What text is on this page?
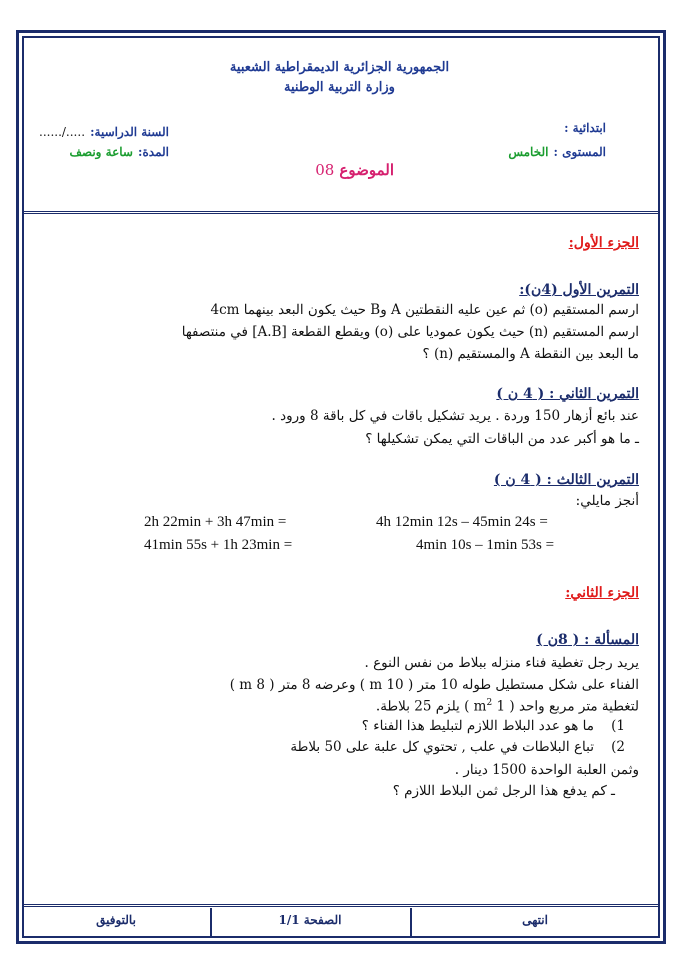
الجمهورية الجزائرية الديمقراطية الشعبية
وزارة التربية الوطنية
ابتدائية :
المستوى : الخامس
السنة الدراسية: ...../......
المدة: ساعة ونصف
الموضوع 08
الجزء الأول:
التمرين الأول (4ن):
ارسم المستقيم (o) ثم عين عليه النقطتين A وB حيث يكون البعد بينهما 4cm
ارسم المستقيم (n) حيث يكون عموديا على (o) ويقطع القطعة [A.B] في منتصفها
ما البعد بين النقطة A والمستقيم (n) ؟
التمرين الثاني : ( 4 ن )
عند بائع أزهار 150 وردة . يريد تشكيل باقات في كل باقة 8 ورود .
ـ ما هو أكبر عدد من الباقات التي يمكن تشكيلها ؟
التمرين الثالث : ( 4 ن )
أنجز مايلي:
4h 12min 12s – 45min 24s =
2h 22min + 3h 47min =
4min 10s – 1min 53s =
41min 55s + 1h 23min =
الجزء الثاني:
المسألة : ( 8ن )
يريد رجل تغطية فناء منزله ببلاط من نفس النوع .
الفناء على شكل مستطيل طوله 10 متر ( 10 m ) وعرضه 8 متر ( 8 m )
لتغطية متر مربع واحد ( 1 $m^2$ ) يلزم 25 بلاطة.
1)    ما هو عدد البلاط اللازم لتبليط هذا الفناء ؟
2)    تباع البلاطات في علب , تحتوي كل علبة على 50 بلاطة
وثمن العلبة الواحدة 1500 دينار .
ـ كم يدفع هذا الرجل ثمن البلاط اللازم ؟
انتهى
الصفحة 1/1
بالتوفيق
